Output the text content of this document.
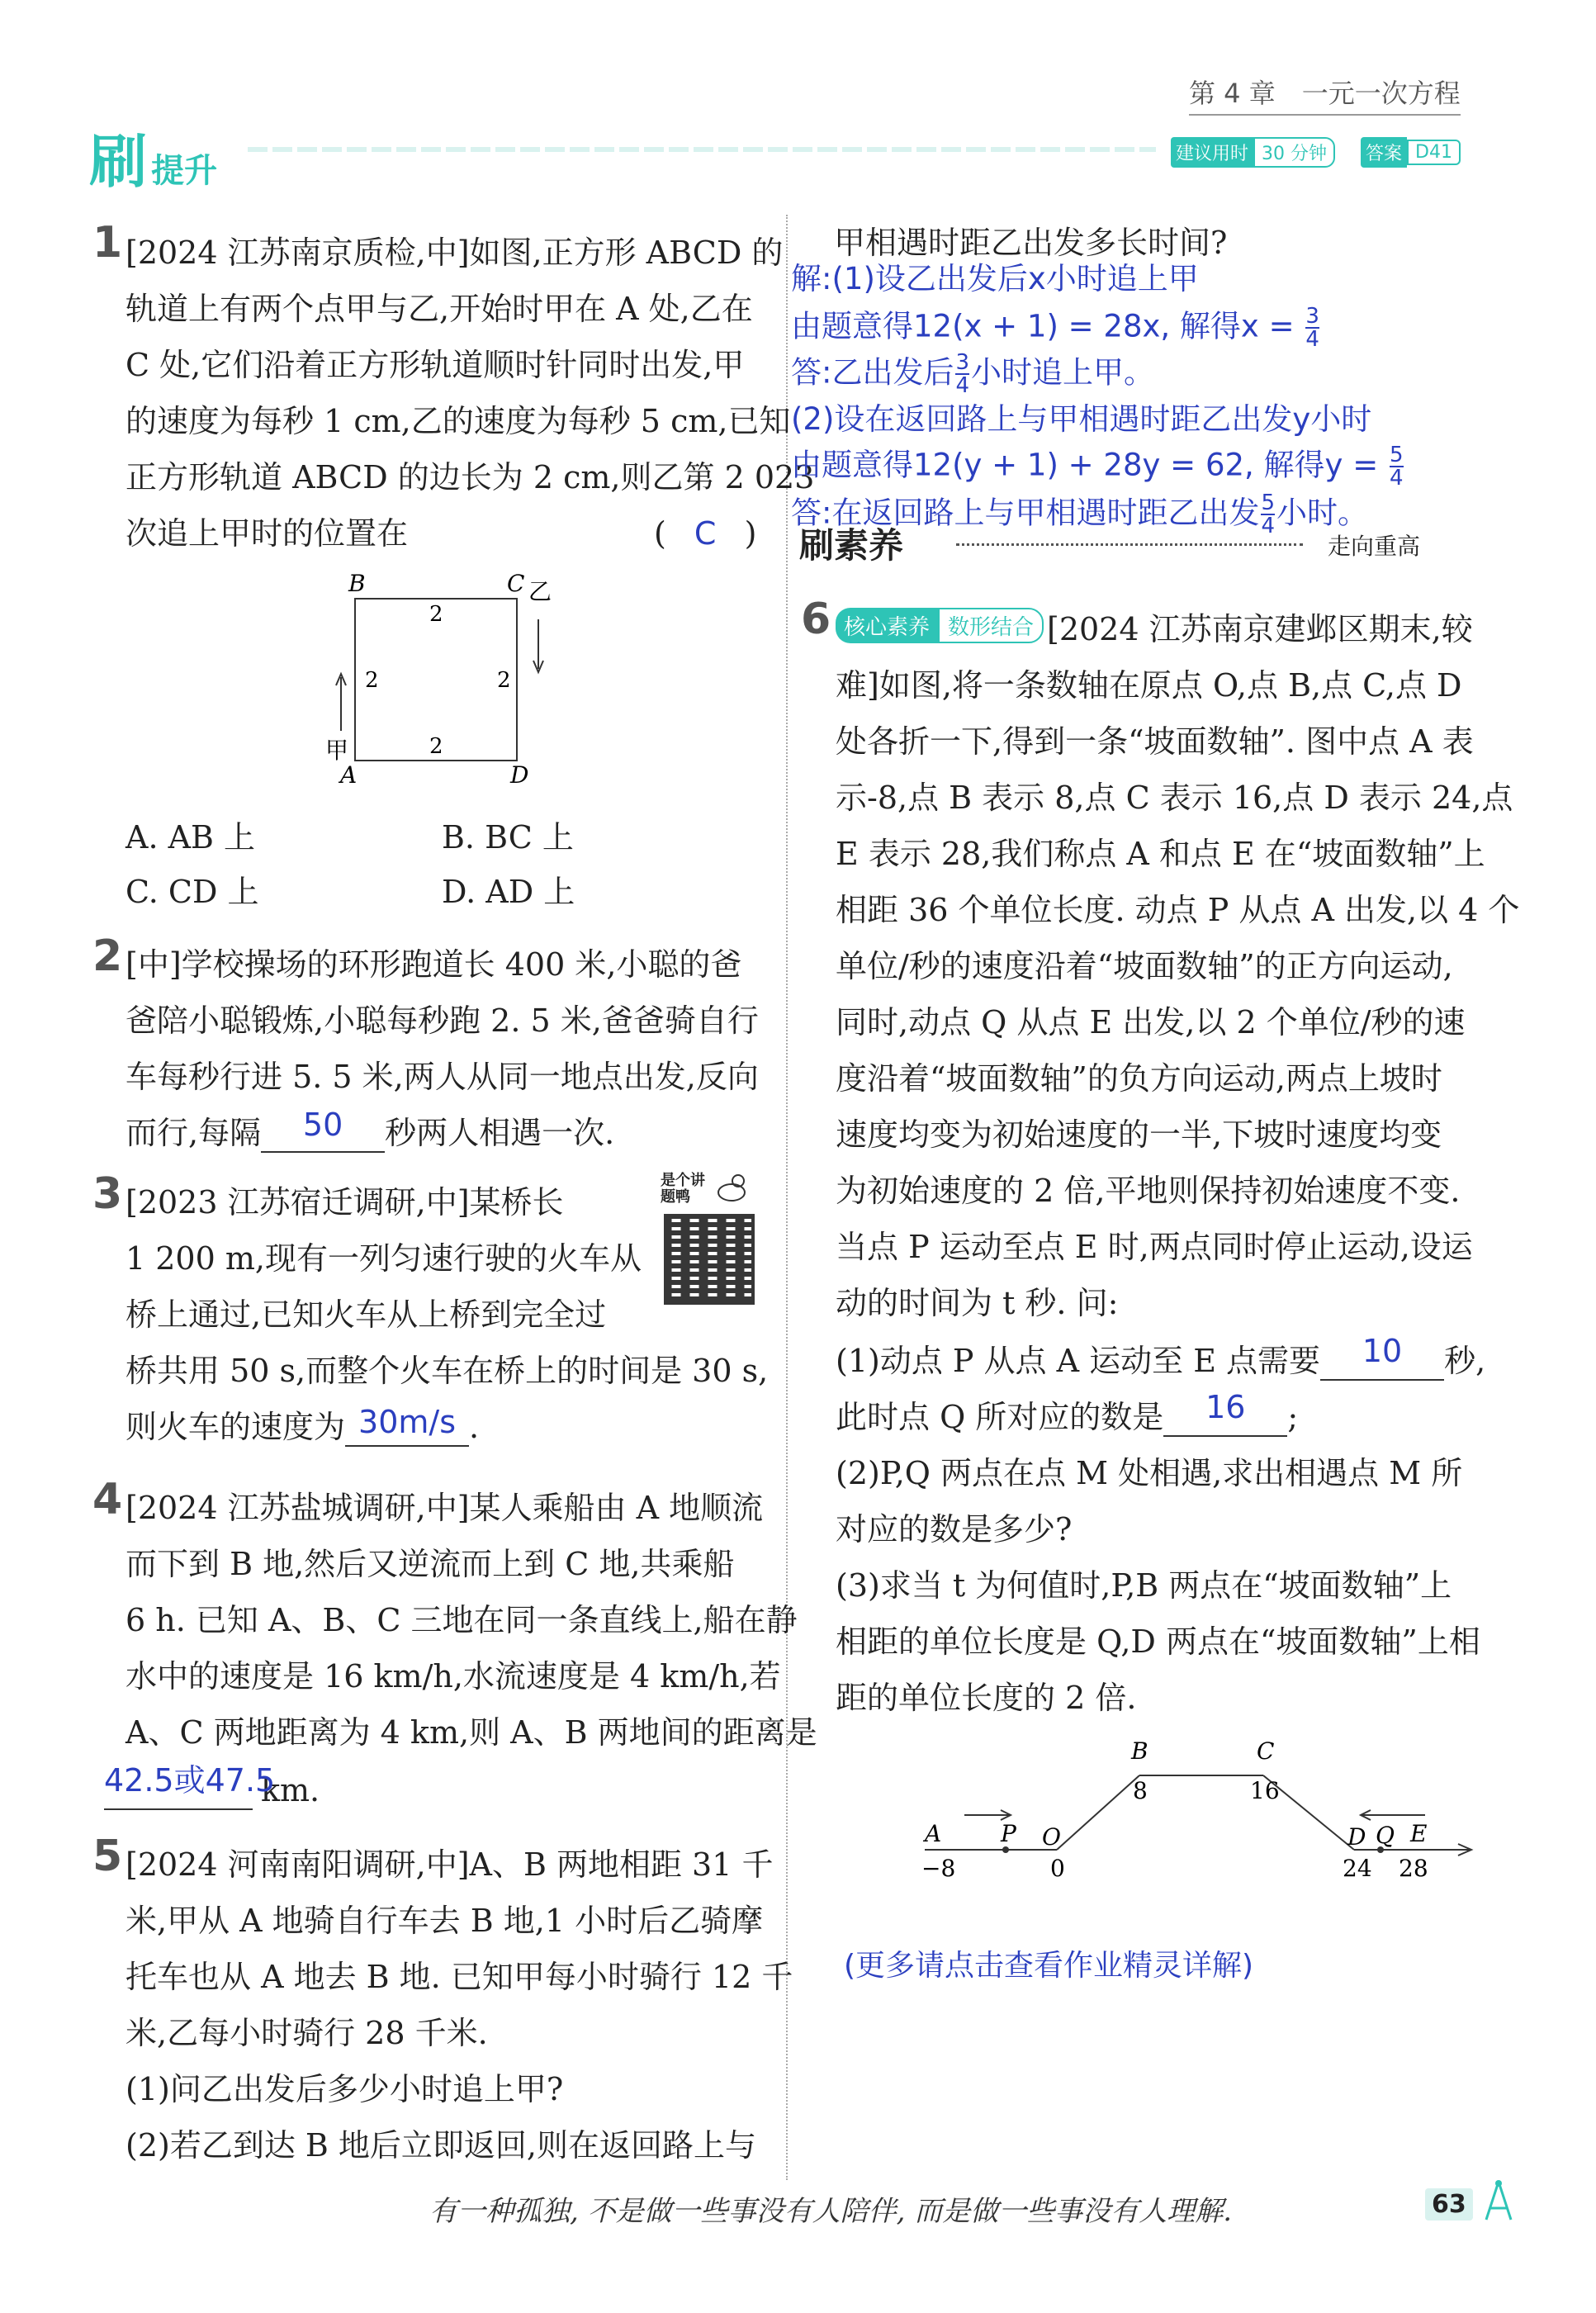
第 4 章　一元一次方程
刷 提升	建议用时 30 分钟	答案 D41
1 [2024 江苏南京质检,中]如图,正方形 ABCD 的
轨道上有两个点甲与乙,开始时甲在 A 处,乙在
C 处,它们沿着正方形轨道顺时针同时出发,甲
的速度为每秒 1 cm,乙的速度为每秒 5 cm,已知
正方形轨道 ABCD 的边长为 2 cm,则乙第 2 023
次追上甲时的位置在	( C )
B	C 乙
A	D
甲
2
2	2
2
A. AB 上	B. BC 上
C. CD 上	D. AD 上
2 [中]学校操场的环形跑道长 400 米,小聪的爸
爸陪小聪锻炼,小聪每秒跑 2. 5 米,爸爸骑自行
车每秒行进 5. 5 米,两人从同一地点出发,反向
而行,每隔 50 秒两人相遇一次.
3 [2023 江苏宿迁调研,中]某桥长
1 200 m,现有一列匀速行驶的火车从
桥上通过,已知火车从上桥到完全过
桥共用 50 s,而整个火车在桥上的时间是 30 s,
则火车的速度为 30m/s .
是个讲题鸭
4 [2024 江苏盐城调研,中]某人乘船由 A 地顺流
而下到 B 地,然后又逆流而上到 C 地,共乘船
6 h. 已知 A、B、C 三地在同一条直线上,船在静
水中的速度是 16 km/h,水流速度是 4 km/h,若
A、C 两地距离为 4 km,则 A、B 两地间的距离是
42.5或47.5km.
5 [2024 河南南阳调研,中]A、B 两地相距 31 千
米,甲从 A 地骑自行车去 B 地,1 小时后乙骑摩
托车也从 A 地去 B 地. 已知甲每小时骑行 12 千
米,乙每小时骑行 28 千米.
(1)问乙出发后多少小时追上甲?
(2)若乙到达 B 地后立即返回,则在返回路上与
甲相遇时距乙出发多长时间?
解:(1)设乙出发后x小时追上甲
由题意得12(x + 1) = 28x, 解得$x = \frac{3}{4}$
答:乙出发后 $\frac{3}{4}$ 小时追上甲。
(2)设在返回路上与甲相遇时距乙出发y小时
由题意得12(y + 1) + 28y = 62, 解得$y = \frac{5}{4}$
答:在返回路上与甲相遇时距乙出发 $\frac{5}{4}$ 小时。
刷素养	走向重高
6 核心素养 数形结合 [2024 江苏南京建邺区期末,较
难]如图,将一条数轴在原点 O,点 B,点 C,点 D
处各折一下,得到一条“坡面数轴”. 图中点 A 表
示-8,点 B 表示 8,点 C 表示 16,点 D 表示 24,点
E 表示 28,我们称点 A 和点 E 在“坡面数轴”上
相距 36 个单位长度. 动点 P 从点 A 出发,以 4 个
单位/秒的速度沿着“坡面数轴”的正方向运动,
同时,动点 Q 从点 E 出发,以 2 个单位/秒的速
度沿着“坡面数轴”的负方向运动,两点上坡时
速度均变为初始速度的一半,下坡时速度均变
为初始速度的 2 倍,平地则保持初始速度不变.
当点 P 运动至点 E 时,两点同时停止运动,设运
动的时间为 t 秒. 问:
(1)动点 P 从点 A 运动至 E 点需要 10 秒,
此时点 Q 所对应的数是 16 ;
(2)P,Q 两点在点 M 处相遇,求出相遇点 M 所
对应的数是多少?
(3)求当 t 为何值时,P,B 两点在“坡面数轴”上
相距的单位长度是 Q,D 两点在“坡面数轴”上相
距的单位长度的 2 倍.
A	P O
B	C
D Q E
−8	0
8	16
24 28
(更多请点击查看作业精灵详解)
有一种孤独, 不是做一些事没有人陪伴, 而是做一些事没有人理解.	63
